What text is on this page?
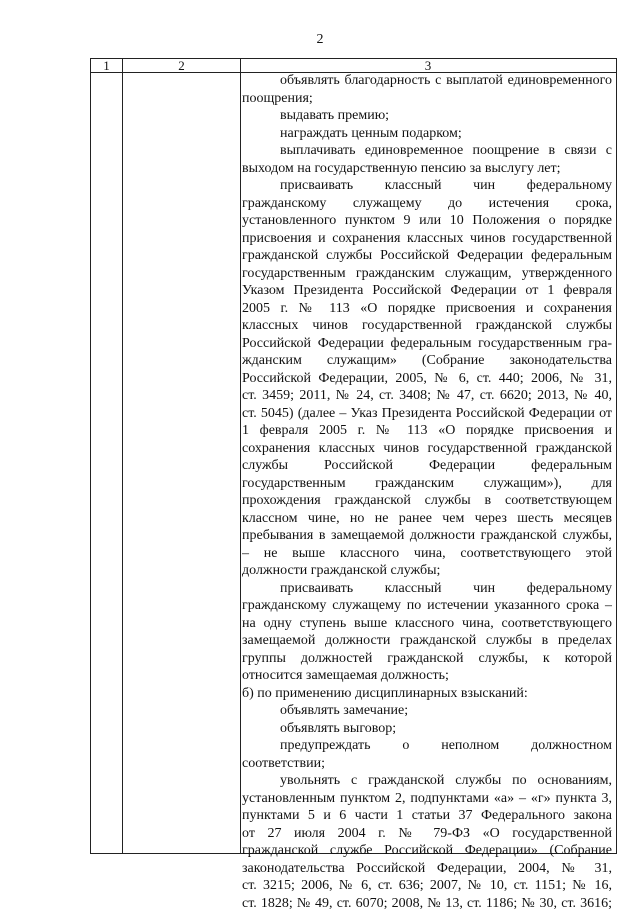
2
1	2	3
объявлять благодарность с выплатой единовременного
поощрения;
выдавать премию;
награждать ценным подарком;
выплачивать единовременное поощрение в связи с
выходом на государственную пенсию за выслугу лет;
присваивать классный чин федеральному
гражданскому служащему до истечения срока,
установленного пунктом 9 или 10 Положения о порядке
присвоения и сохранения классных чинов государственной
гражданской службы Российской Федерации федеральным
государственным гражданским служащим, утвержденного
Указом Президента Российской Федерации от 1 февраля
2005 г. № 113 «О порядке присвоения и сохранения
классных чинов государственной гражданской службы
Российской Федерации федеральным государственным гра-
жданским служащим» (Собрание законодательства
Российской Федерации, 2005, № 6, ст. 440; 2006, № 31,
ст. 3459; 2011, № 24, ст. 3408; № 47, ст. 6620; 2013, № 40,
ст. 5045) (далее – Указ Президента Российской Федерации от
1 февраля 2005 г. № 113 «О порядке присвоения и
сохранения классных чинов государственной гражданской
службы Российской Федерации федеральным
государственным гражданским служащим»), для
прохождения гражданской службы в соответствующем
классном чине, но не ранее чем через шесть месяцев
пребывания в замещаемой должности гражданской службы,
– не выше классного чина, соответствующего этой
должности гражданской службы;
присваивать классный чин федеральному
гражданскому служащему по истечении указанного срока –
на одну ступень выше классного чина, соответствующего
замещаемой должности гражданской службы в пределах
группы должностей гражданской службы, к которой
относится замещаемая должность;
б) по применению дисциплинарных взысканий:
объявлять замечание;
объявлять выговор;
предупреждать о неполном должностном
соответствии;
увольнять с гражданской службы по основаниям,
установленным пунктом 2, подпунктами «а» – «г» пункта 3,
пунктами 5 и 6 части 1 статьи 37 Федерального закона
от 27 июля 2004 г. № 79-ФЗ «О государственной
гражданской службе Российской Федерации» (Собрание
законодательства Российской Федерации, 2004, № 31,
ст. 3215; 2006, № 6, ст. 636; 2007, № 10, ст. 1151; № 16,
ст. 1828; № 49, ст. 6070; 2008, № 13, ст. 1186; № 30, ст. 3616;
